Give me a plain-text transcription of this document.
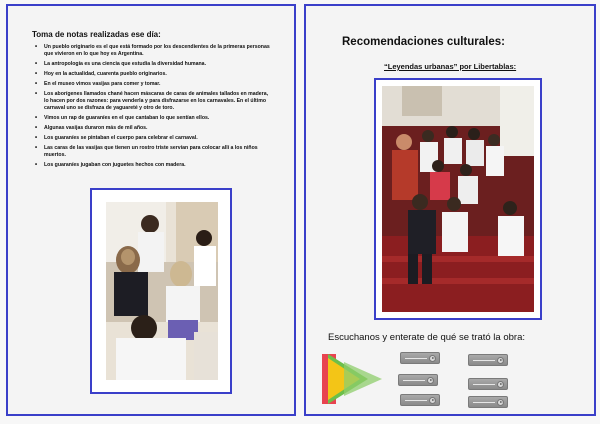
Toma de notas realizadas ese día:
• Un pueblo originario es el que está formado por los descendientes de la primeras personas que vivieron en lo que hoy es Argentina.
• La antropología es una ciencia que estudia la diversidad humana.
• Hoy en la actualidad, cuarenta pueblo originarios.
• En el museo vimos vasijas para comer y tomar.
• Los aborígenes llamados chané hacen máscaras de caras de animales tallados en madera, lo hacen por dos razones: para venderla y para disfrazarse en los carnavales. En el último carnaval uno se disfraza de yaguareté y otro de toro.
• Vimos un rap de guaraníes en el que cantaban lo que sentían ellos.
• Algunas vasijas duraron más de mil años.
• Los guaraníes se pintaban el cuerpo para celebrar el carnaval.
• Las caras de las vasijas que tienen un rostro triste servían para colocar allí a los niños muertos.
• Los guaraníes jugaban con juguetes hechos con madera.
Recomendaciones culturales:

“Leyendas urbanas” por Libertablas:

Escuchanos y enterate de qué se trató la obra:
